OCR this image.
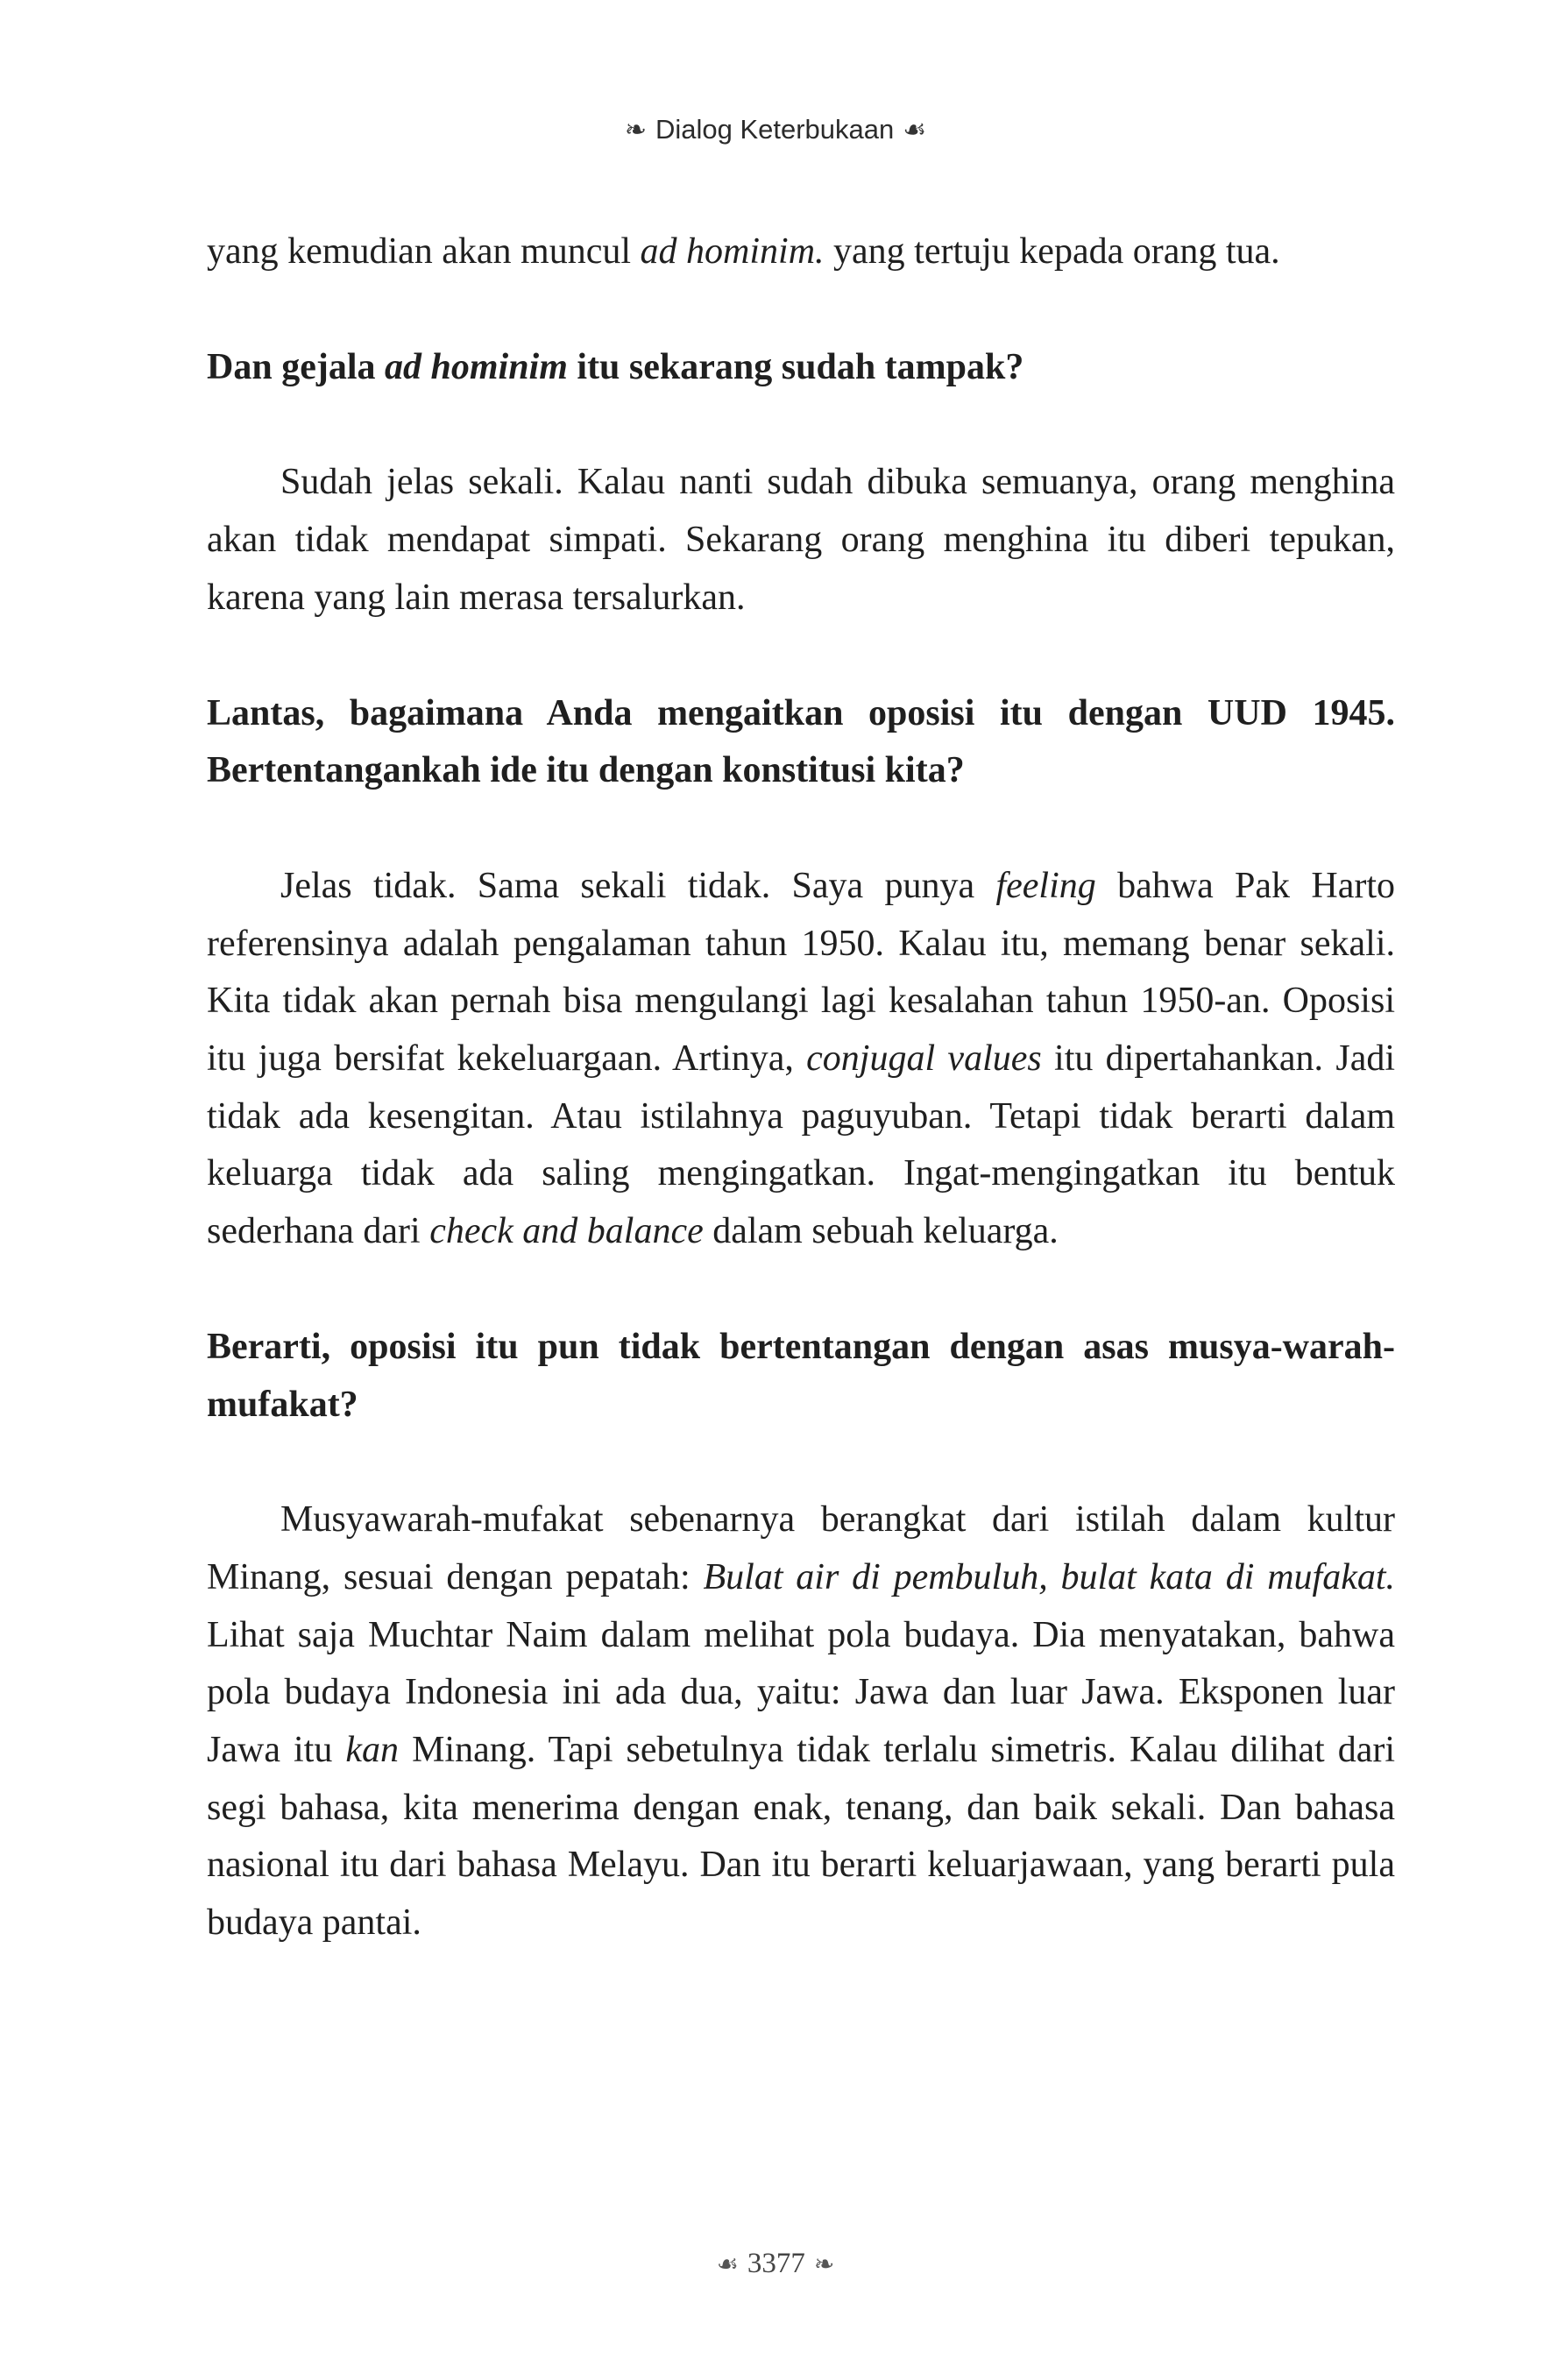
❧ Dialog Keterbukaan ☙

yang kemudian akan muncul ad hominim. yang tertuju kepada orang tua.

Dan gejala ad hominim itu sekarang sudah tampak?

Sudah jelas sekali. Kalau nanti sudah dibuka semuanya, orang menghina akan tidak mendapat simpati. Sekarang orang menghina itu diberi tepukan, karena yang lain merasa tersalurkan.

Lantas, bagaimana Anda mengaitkan oposisi itu dengan UUD 1945. Bertentangankah ide itu dengan konstitusi kita?

Jelas tidak. Sama sekali tidak. Saya punya feeling bahwa Pak Harto referensinya adalah pengalaman tahun 1950. Kalau itu, memang benar sekali. Kita tidak akan pernah bisa mengulangi lagi kesalahan tahun 1950-an. Oposisi itu juga bersifat kekeluargaan. Artinya, conjugal values itu dipertahankan. Jadi tidak ada kesengitan. Atau istilahnya paguyuban. Tetapi tidak berarti dalam keluarga tidak ada saling mengingatkan. Ingat-mengingatkan itu bentuk sederhana dari check and balance dalam sebuah keluarga.

Berarti, oposisi itu pun tidak bertentangan dengan asas musya-warah-mufakat?

Musyawarah-mufakat sebenarnya berangkat dari istilah dalam kultur Minang, sesuai dengan pepatah: Bulat air di pembuluh, bulat kata di mufakat. Lihat saja Muchtar Naim dalam melihat pola budaya. Dia menyatakan, bahwa pola budaya Indonesia ini ada dua, yaitu: Jawa dan luar Jawa. Eksponen luar Jawa itu kan Minang. Tapi sebetulnya tidak terlalu simetris. Kalau dilihat dari segi bahasa, kita menerima dengan enak, tenang, dan baik sekali. Dan bahasa nasional itu dari bahasa Melayu. Dan itu berarti keluarjawaan, yang berarti pula budaya pantai.

☙ 3377 ❧
